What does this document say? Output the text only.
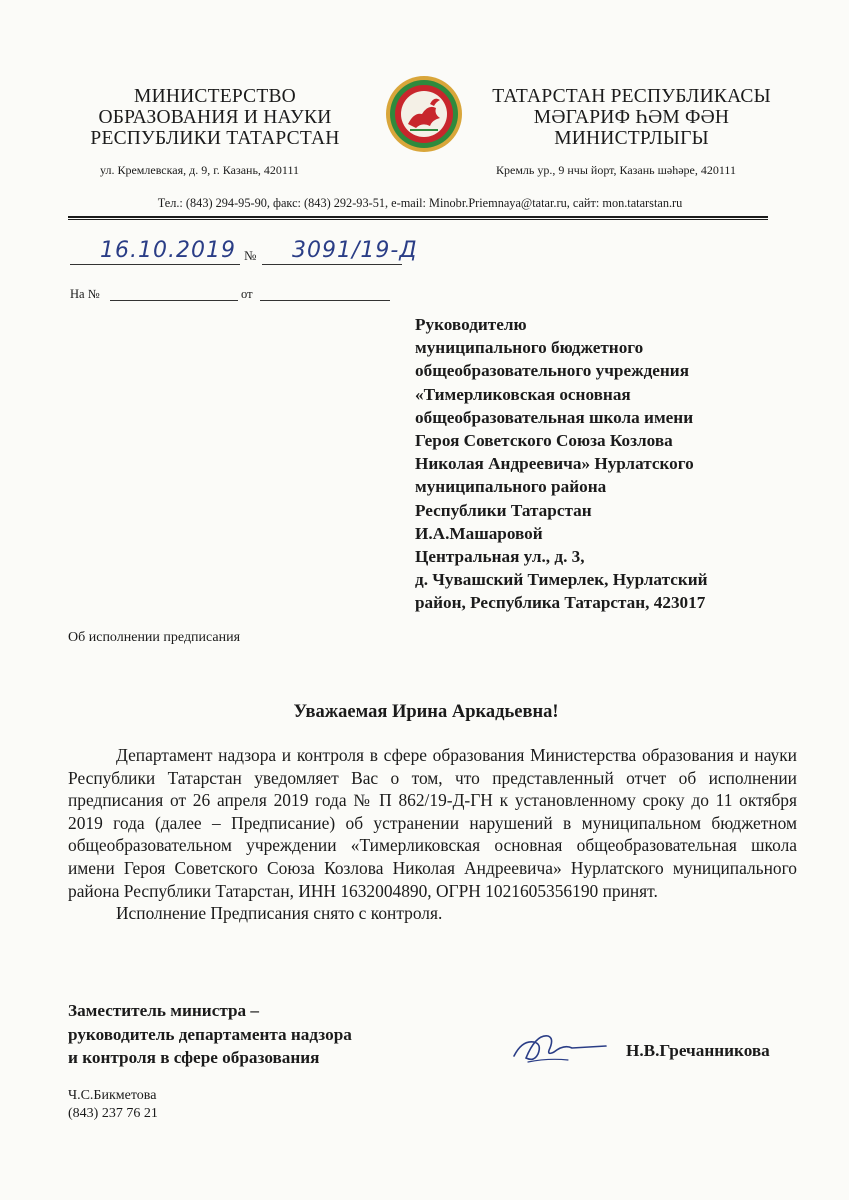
МИНИСТЕРСТВО
ОБРАЗОВАНИЯ И НАУКИ
РЕСПУБЛИКИ ТАТАРСТАН
ТАТАРСТАН РЕСПУБЛИКАСЫ
МӘГАРИФ ҺӘМ ФӘН
МИНИСТРЛЫГЫ
ул. Кремлевская, д. 9, г. Казань, 420111	Кремль ур., 9 нчы йорт, Казань шәһәре, 420111
Тел.: (843) 294-95-90, факс: (843) 292-93-51, e-mail: Minobr.Priemnaya@tatar.ru, сайт: mon.tatarstan.ru
16.10.2019 № 3091/19-Д
На №	от
Руководителю
муниципального бюджетного
общеобразовательного учреждения
«Тимерликовская основная
общеобразовательная школа имени
Героя Советского Союза Козлова
Николая Андреевича» Нурлатского
муниципального района
Республики Татарстан
И.А.Машаровой
Центральная ул., д. 3,
д. Чувашский Тимерлек, Нурлатский
район, Республика Татарстан, 423017
Об исполнении предписания
Уважаемая Ирина Аркадьевна!

Департамент надзора и контроля в сфере образования Министерства образования и науки Республики Татарстан уведомляет Вас о том, что представленный отчет об исполнении предписания от 26 апреля 2019 года № П 862/19-Д-ГН к установленному сроку до 11 октября 2019 года (далее – Предписание) об устранении нарушений в муниципальном бюджетном общеобразовательном учреждении «Тимерликовская основная общеобразовательная школа имени Героя Советского Союза Козлова Николая Андреевича» Нурлатского муниципального района Республики Татарстан, ИНН 1632004890, ОГРН 1021605356190 принят.

Исполнение Предписания снято с контроля.

Заместитель министра –
руководитель департамента надзора
и контроля в сфере образования	Н.В.Гречанникова
Ч.С.Бикметова
(843) 237 76 21
